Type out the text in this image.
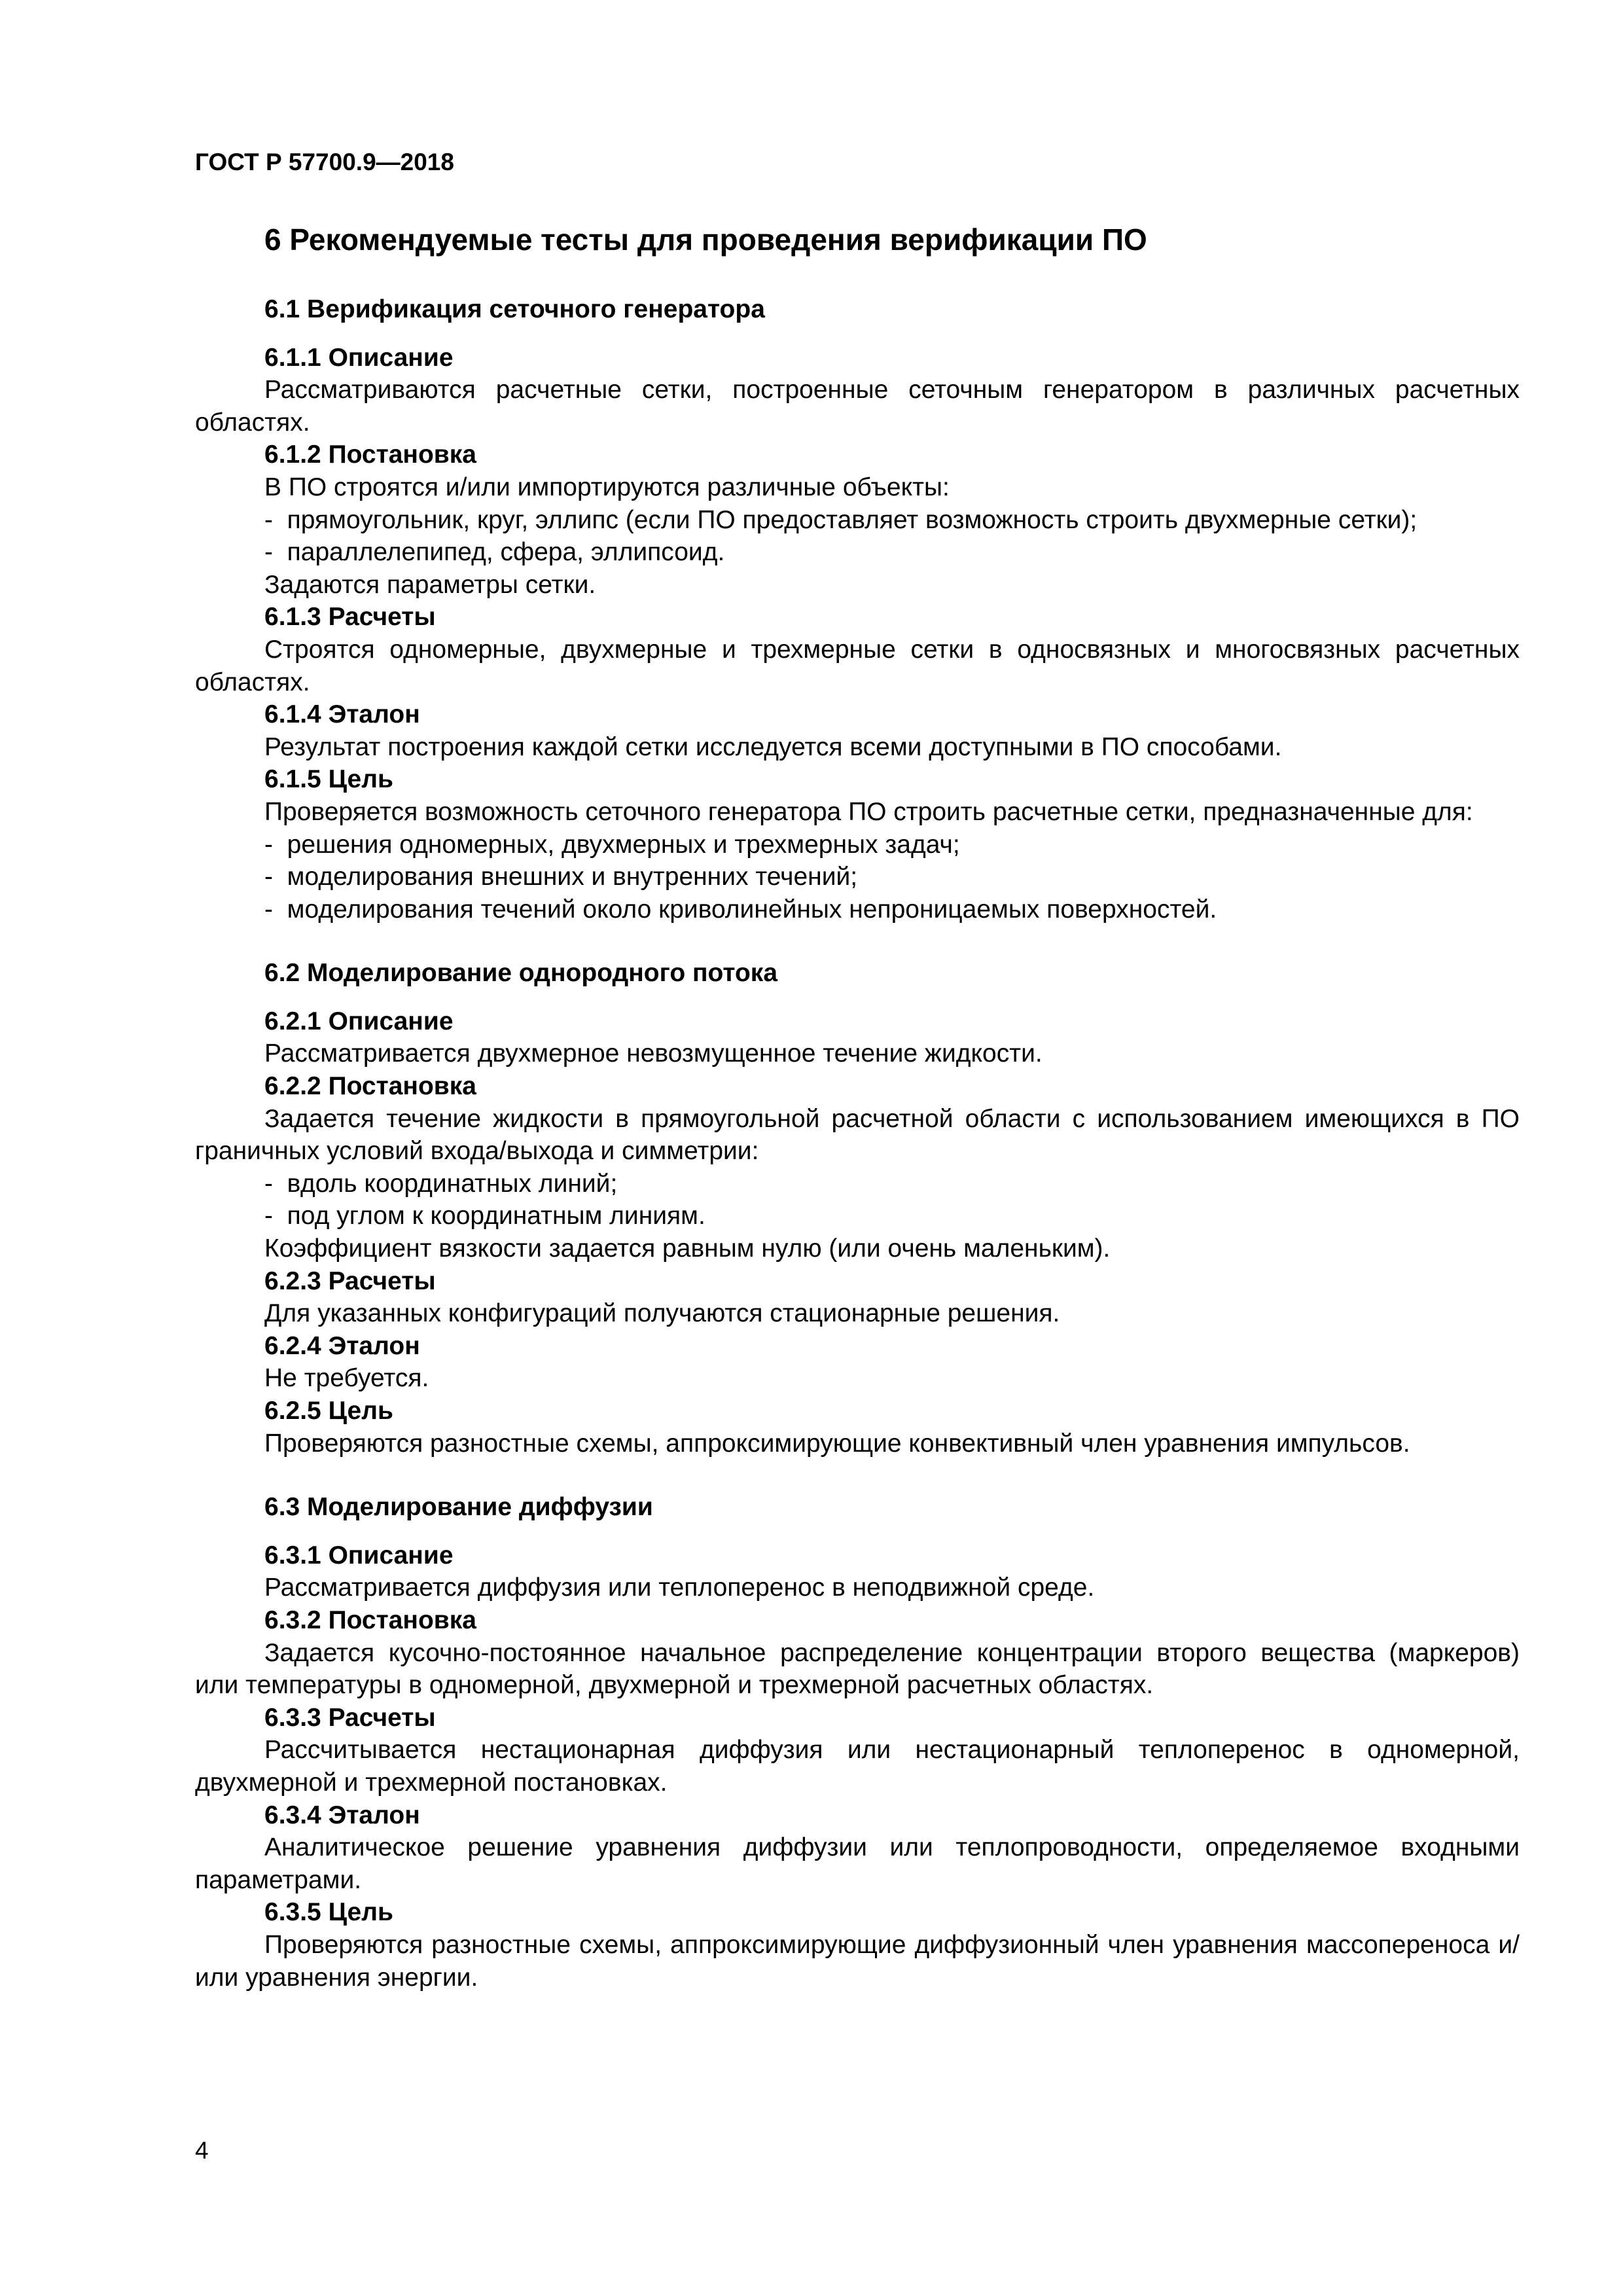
ГОСТ Р 57700.9—2018
6 Рекомендуемые тесты для проведения верификации ПО
6.1 Верификация сеточного генератора
6.1.1 Описание

Рассматриваются расчетные сетки, построенные сеточным генератором в различных расчетных областях.

6.1.2 Постановка

В ПО строятся и/или импортируются различные объекты:

- прямоугольник, круг, эллипс (если ПО предоставляет возможность строить двухмерные сетки);
- параллелепипед, сфера, эллипсоид.

Задаются параметры сетки.

6.1.3 Расчеты

Строятся одномерные, двухмерные и трехмерные сетки в односвязных и многосвязных расчетных областях.

6.1.4 Эталон

Результат построения каждой сетки исследуется всеми доступными в ПО способами.

6.1.5 Цель

Проверяется возможность сеточного генератора ПО строить расчетные сетки, предназначенные для:

- решения одномерных, двухмерных и трехмерных задач;
- моделирования внешних и внутренних течений;
- моделирования течений около криволинейных непроницаемых поверхностей.
6.2 Моделирование однородного потока
6.2.1 Описание

Рассматривается двухмерное невозмущенное течение жидкости.

6.2.2 Постановка

Задается течение жидкости в прямоугольной расчетной области с использованием имеющихся в ПО граничных условий входа/выхода и симметрии:

- вдоль координатных линий;
- под углом к координатным линиям.

Коэффициент вязкости задается равным нулю (или очень маленьким).

6.2.3 Расчеты

Для указанных конфигураций получаются стационарные решения.

6.2.4 Эталон

Не требуется.

6.2.5 Цель

Проверяются разностные схемы, аппроксимирующие конвективный член уравнения импульсов.

6.3 Моделирование диффузии
6.3.1 Описание

Рассматривается диффузия или теплоперенос в неподвижной среде.

6.3.2 Постановка

Задается кусочно-постоянное начальное распределение концентрации второго вещества (маркеров) или температуры в одномерной, двухмерной и трехмерной расчетных областях.

6.3.3 Расчеты

Рассчитывается нестационарная диффузия или нестационарный теплоперенос в одномерной, двухмерной и трехмерной постановках.

6.3.4 Эталон

Аналитическое решение уравнения диффузии или теплопроводности, определяемое входными параметрами.

6.3.5 Цель

Проверяются разностные схемы, аппроксимирующие диффузионный член уравнения массопереноса и/или уравнения энергии.

4
